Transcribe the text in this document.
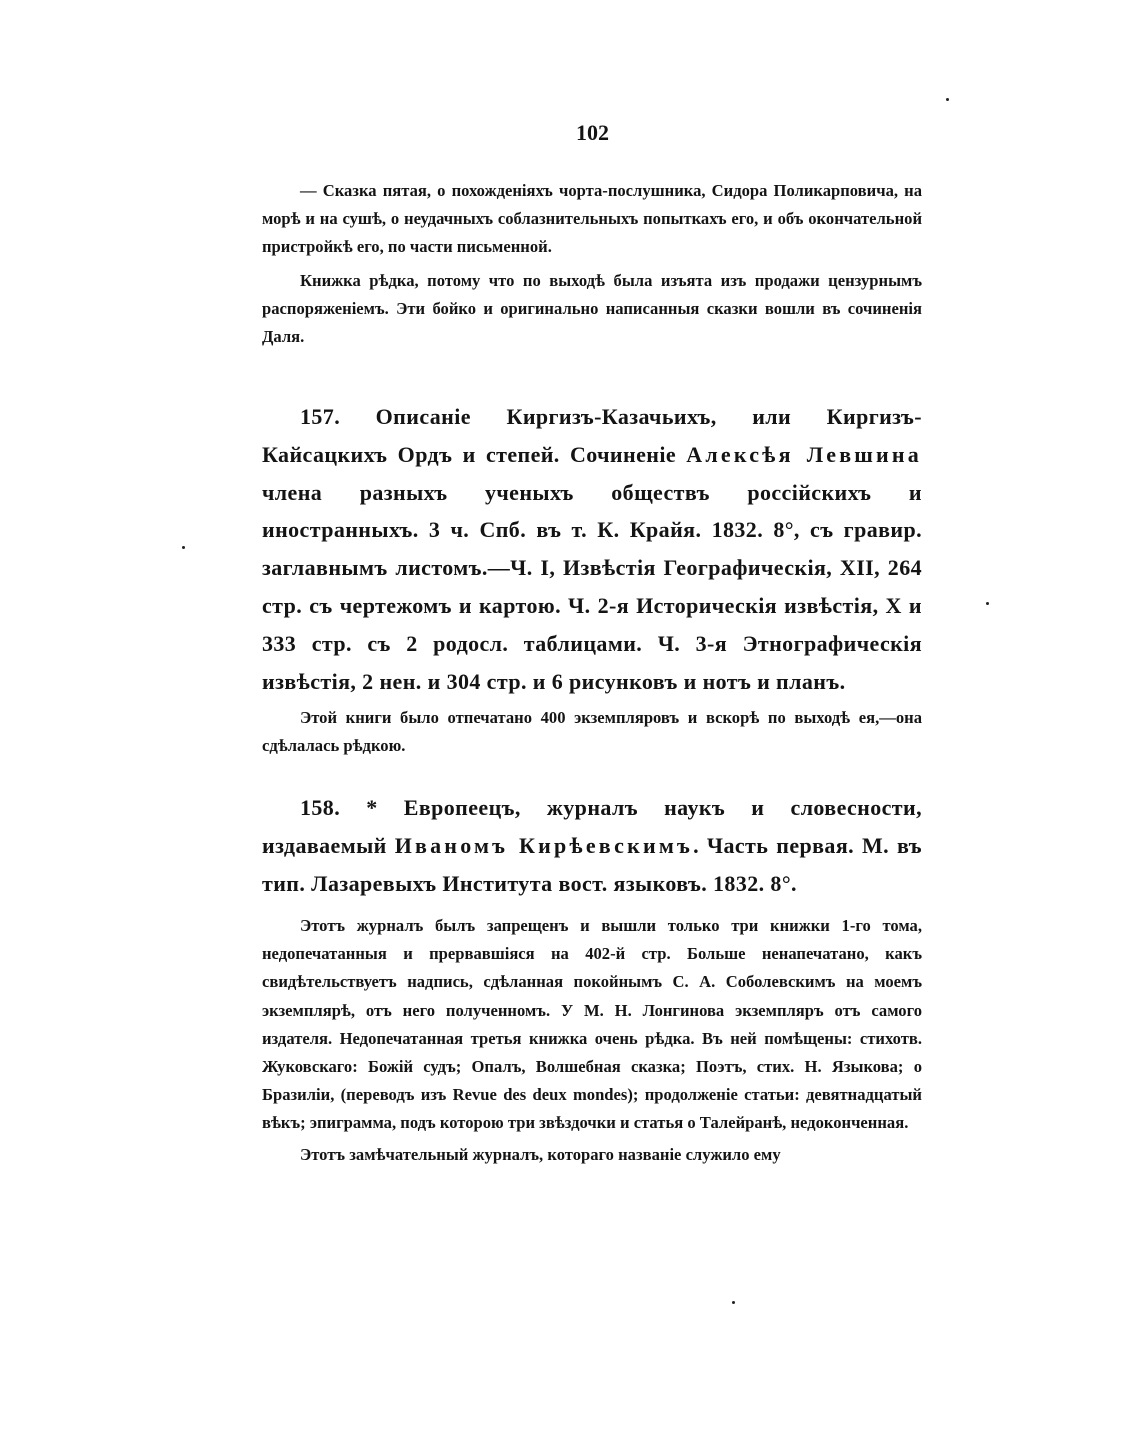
102

— Сказка пятая, о похожденiяхъ чорта-послушника, Сидора Поликарповича, на морѣ и на сушѣ, о неудачныхъ соблазнительныхъ попыткахъ его, и объ окончательной пристройкѣ его, по части письменной.

Книжка рѣдка, потому что по выходѣ была изъята изъ продажи цензурнымъ распоряженiемъ. Эти бойко и оригинально написанныя сказки вошли въ сочиненiя Даля.

157. Описанiе Киргизъ-Казачьихъ, или Киргизъ-Кайсацкихъ Ордъ и степей. Сочиненiе Алексѣя Левшина члена разныхъ ученыхъ обществъ россiйскихъ и иностранныхъ. 3 ч. Спб. въ т. К. Крайя. 1832. 8°, съ гравир. заглавнымъ листомъ.—Ч. I, Извѣстiя Географическiя, XII, 264 стр. съ чертежомъ и картою. Ч. 2-я Историческiя извѣстiя, X и 333 стр. съ 2 родосл. таблицами. Ч. 3-я Этнографическiя извѣстiя, 2 нен. и 304 стр. и 6 рисунковъ и нотъ и планъ.

Этой книги было отпечатано 400 экземпляровъ и вскорѣ по выходѣ ея,—она сдѣлалась рѣдкою.

158. * Европеецъ, журналъ наукъ и словесности, издаваемый Иваномъ Кирѣевскимъ. Часть первая. М. въ тип. Лазаревыхъ Института вост. языковъ. 1832. 8°.

Этотъ журналъ былъ запрещенъ и вышли только три книжки 1-го тома, недопечатанныя и прервавшiяся на 402-й стр. Больше ненапечатано, какъ свидѣтельствуетъ надпись, сдѣланная покойнымъ С. А. Соболевскимъ на моемъ экземплярѣ, отъ него полученномъ. У М. Н. Лонгинова экземпляръ отъ самого издателя. Недопечатанная третья книжка очень рѣдка. Въ ней помѣщены: стихотв. Жуковскаго: Божiй судъ; Опалъ, Волшебная сказка; Поэтъ, стих. Н. Языкова; о Бразилiи, (переводъ изъ Revue des deux mondes); продолженiе статьи: девятнадцатый вѣкъ; эпиграмма, подъ которою три звѣздочки и статья о Талейранѣ, недоконченная.

Этотъ замѣчательный журналъ, котораго названiе служило ему
